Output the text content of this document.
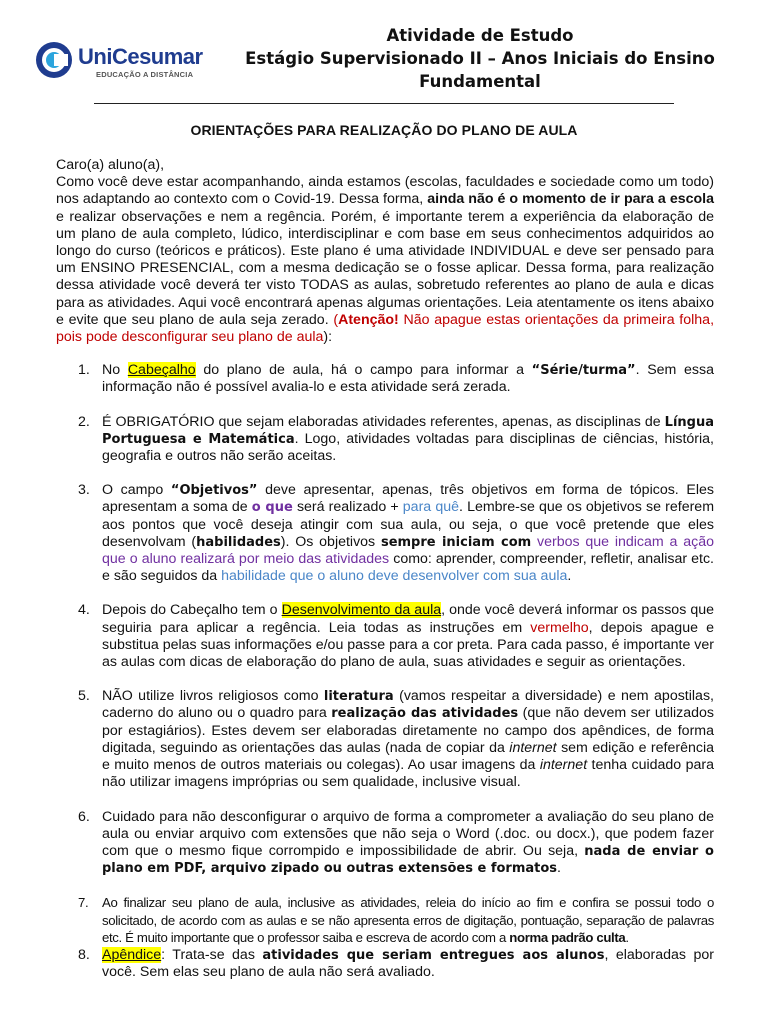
UniCesumar
EDUCAÇÃO A DISTÂNCIA
Atividade de Estudo
Estágio Supervisionado II – Anos Iniciais do Ensino
Fundamental
ORIENTAÇÕES PARA REALIZAÇÃO DO PLANO DE AULA

Caro(a) aluno(a),

Como você deve estar acompanhando, ainda estamos (escolas, faculdades e sociedade como um todo) nos adaptando ao contexto com o Covid-19. Dessa forma, ainda não é o momento de ir para a escola e realizar observações e nem a regência. Porém, é importante terem a experiência da elaboração de um plano de aula completo, lúdico, interdisciplinar e com base em seus conhecimentos adquiridos ao longo do curso (teóricos e práticos). Este plano é uma atividade INDIVIDUAL e deve ser pensado para um ENSINO PRESENCIAL, com a mesma dedicação se o fosse aplicar. Dessa forma, para realização dessa atividade você deverá ter visto TODAS as aulas, sobretudo referentes ao plano de aula e dicas para as atividades. Aqui você encontrará apenas algumas orientações. Leia atentamente os itens abaixo e evite que seu plano de aula seja zerado. (Atenção! Não apague estas orientações da primeira folha, pois pode desconfigurar seu plano de aula):

1. No Cabeçalho do plano de aula, há o campo para informar a “Série/turma”. Sem essa informação não é possível avalia-lo e esta atividade será zerada.
2. É OBRIGATÓRIO que sejam elaboradas atividades referentes, apenas, as disciplinas de Língua Portuguesa e Matemática. Logo, atividades voltadas para disciplinas de ciências, história, geografia e outros não serão aceitas.
3. O campo “Objetivos” deve apresentar, apenas, três objetivos em forma de tópicos. Eles apresentam a soma de o que será realizado + para quê. Lembre-se que os objetivos se referem aos pontos que você deseja atingir com sua aula, ou seja, o que você pretende que eles desenvolvam (habilidades). Os objetivos sempre iniciam com verbos que indicam a ação que o aluno realizará por meio das atividades como: aprender, compreender, refletir, analisar etc. e são seguidos da habilidade que o aluno deve desenvolver com sua aula.
4. Depois do Cabeçalho tem o Desenvolvimento da aula, onde você deverá informar os passos que seguiria para aplicar a regência. Leia todas as instruções em vermelho, depois apague e substitua pelas suas informações e/ou passe para a cor preta. Para cada passo, é importante ver as aulas com dicas de elaboração do plano de aula, suas atividades e seguir as orientações.
5. NÃO utilize livros religiosos como literatura (vamos respeitar a diversidade) e nem apostilas, caderno do aluno ou o quadro para realização das atividades (que não devem ser utilizados por estagiários). Estes devem ser elaboradas diretamente no campo dos apêndices, de forma digitada, seguindo as orientações das aulas (nada de copiar da internet sem edição e referência e muito menos de outros materiais ou colegas). Ao usar imagens da internet tenha cuidado para não utilizar imagens impróprias ou sem qualidade, inclusive visual.
6. Cuidado para não desconfigurar o arquivo de forma a comprometer a avaliação do seu plano de aula ou enviar arquivo com extensões que não seja o Word (.doc. ou docx.), que podem fazer com que o mesmo fique corrompido e impossibilidade de abrir. Ou seja, nada de enviar o plano em PDF, arquivo zipado ou outras extensões e formatos.
7. Ao finalizar seu plano de aula, inclusive as atividades, releia do início ao fim e confira se possui todo o solicitado, de acordo com as aulas e se não apresenta erros de digitação, pontuação, separação de palavras etc. É muito importante que o professor saiba e escreva de acordo com a norma padrão culta.
8. Apêndice: Trata-se das atividades que seriam entregues aos alunos, elaboradas por você. Sem elas seu plano de aula não será avaliado.
